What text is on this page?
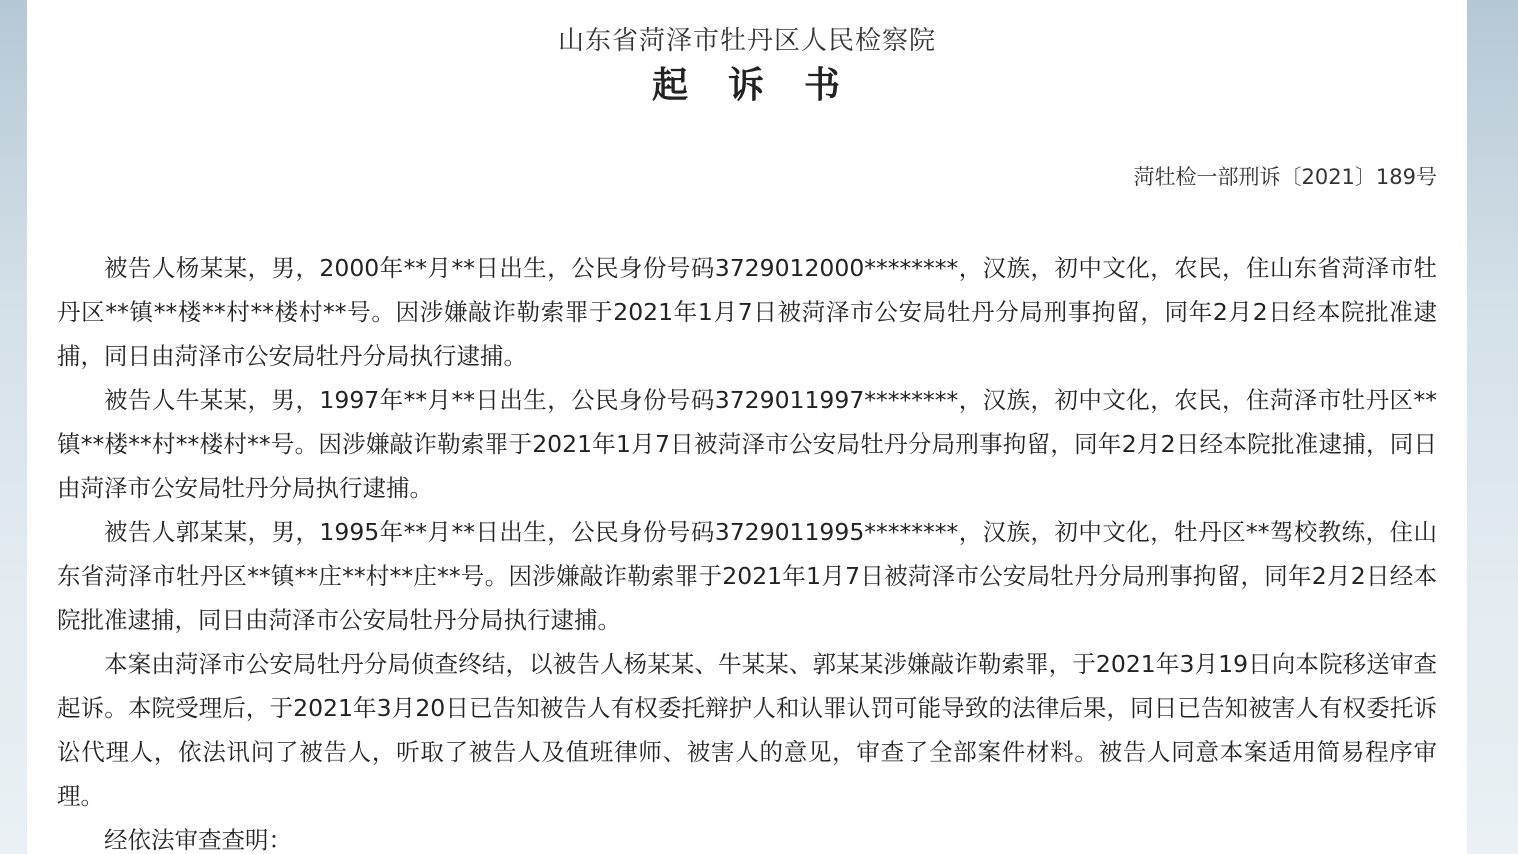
山东省菏泽市牡丹区人民检察院
起　诉　书
菏牡检一部刑诉〔2021〕189号

被告人杨某某，男，2000年**月**日出生，公民身份号码3729012000********，汉族，初中文化，农民，住山东省菏泽市牡丹区**镇**楼**村**楼村**号。因涉嫌敲诈勒索罪于2021年1月7日被菏泽市公安局牡丹分局刑事拘留，同年2月2日经本院批准逮捕，同日由菏泽市公安局牡丹分局执行逮捕。

被告人牛某某，男，1997年**月**日出生，公民身份号码3729011997********，汉族，初中文化，农民，住菏泽市牡丹区**镇**楼**村**楼村**号。因涉嫌敲诈勒索罪于2021年1月7日被菏泽市公安局牡丹分局刑事拘留，同年2月2日经本院批准逮捕，同日由菏泽市公安局牡丹分局执行逮捕。

被告人郭某某，男，1995年**月**日出生，公民身份号码3729011995********，汉族，初中文化，牡丹区**驾校教练，住山东省菏泽市牡丹区**镇**庄**村**庄**号。因涉嫌敲诈勒索罪于2021年1月7日被菏泽市公安局牡丹分局刑事拘留，同年2月2日经本院批准逮捕，同日由菏泽市公安局牡丹分局执行逮捕。

本案由菏泽市公安局牡丹分局侦查终结，以被告人杨某某、牛某某、郭某某涉嫌敲诈勒索罪，于2021年3月19日向本院移送审查起诉。本院受理后，于2021年3月20日已告知被告人有权委托辩护人和认罪认罚可能导致的法律后果，同日已告知被害人有权委托诉讼代理人，依法讯问了被告人，听取了被告人及值班律师、被害人的意见，审查了全部案件材料。被告人同意本案适用简易程序审理。

经依法审查查明：
